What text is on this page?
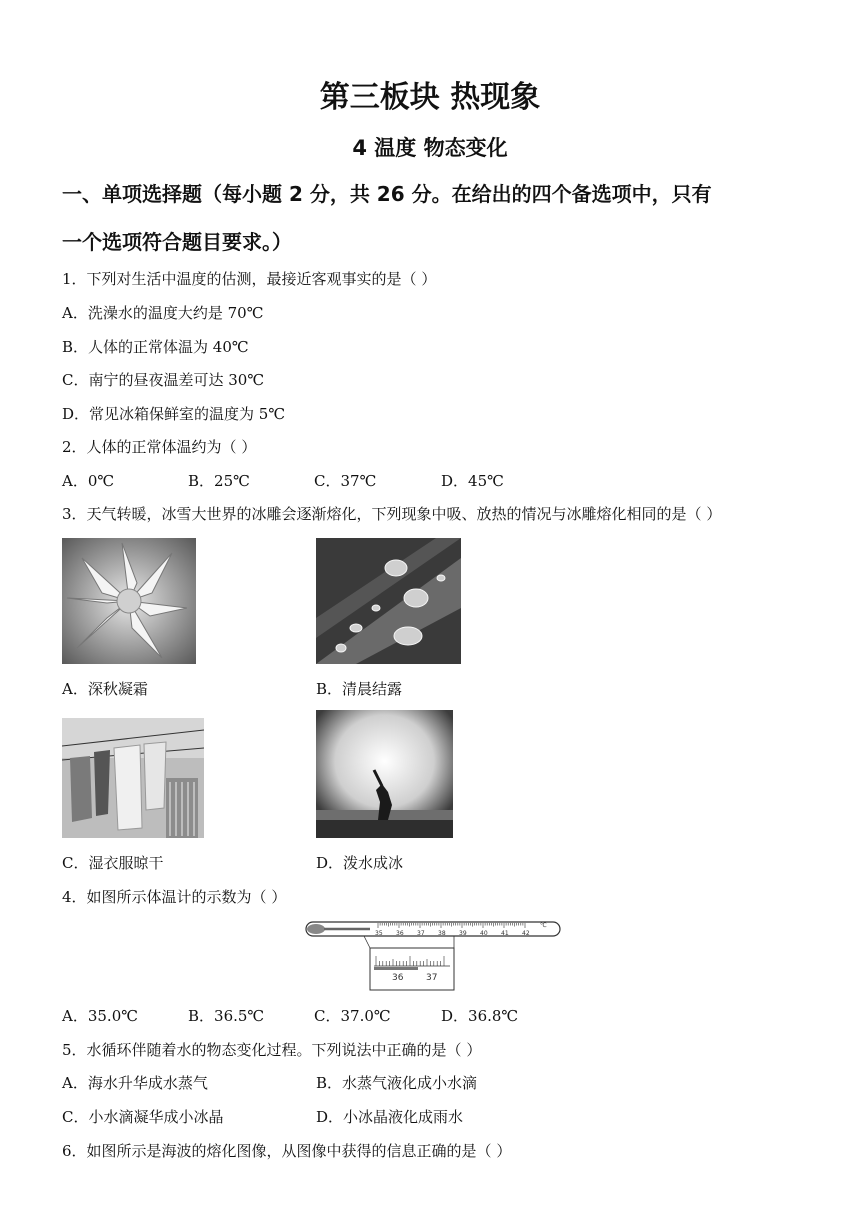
第三板块 热现象
4 温度 物态变化
一、单项选择题（每小题 2 分，共 26 分。在给出的四个备选项中，只有
一个选项符合题目要求。）
1．下列对生活中温度的估测，最接近客观事实的是（ ）
A．洗澡水的温度大约是 70℃
B．人体的正常体温为 40℃
C．南宁的昼夜温差可达 30℃
D．常见冰箱保鲜室的温度为 5℃
2．人体的正常体温约为（ ）
A．0℃	B．25℃	C．37℃	D．45℃
3．天气转暖，冰雪大世界的冰雕会逐渐熔化，下列现象中吸、放热的情况与冰雕熔化相同的是（ ）
A．深秋凝霜	B．清晨结露
C．湿衣服晾干	D．泼水成冰
4．如图所示体温计的示数为（ ）
35 36 37 38 39 40 41 42
℃
36	37
A．35.0℃	B．36.5℃	C．37.0℃	D．36.8℃
5．水循环伴随着水的物态变化过程。下列说法中正确的是（ ）
A．海水升华成水蒸气	B．水蒸气液化成小水滴
C．小水滴凝华成小冰晶	D．小冰晶液化成雨水
6．如图所示是海波的熔化图像，从图像中获得的信息正确的是（ ）
